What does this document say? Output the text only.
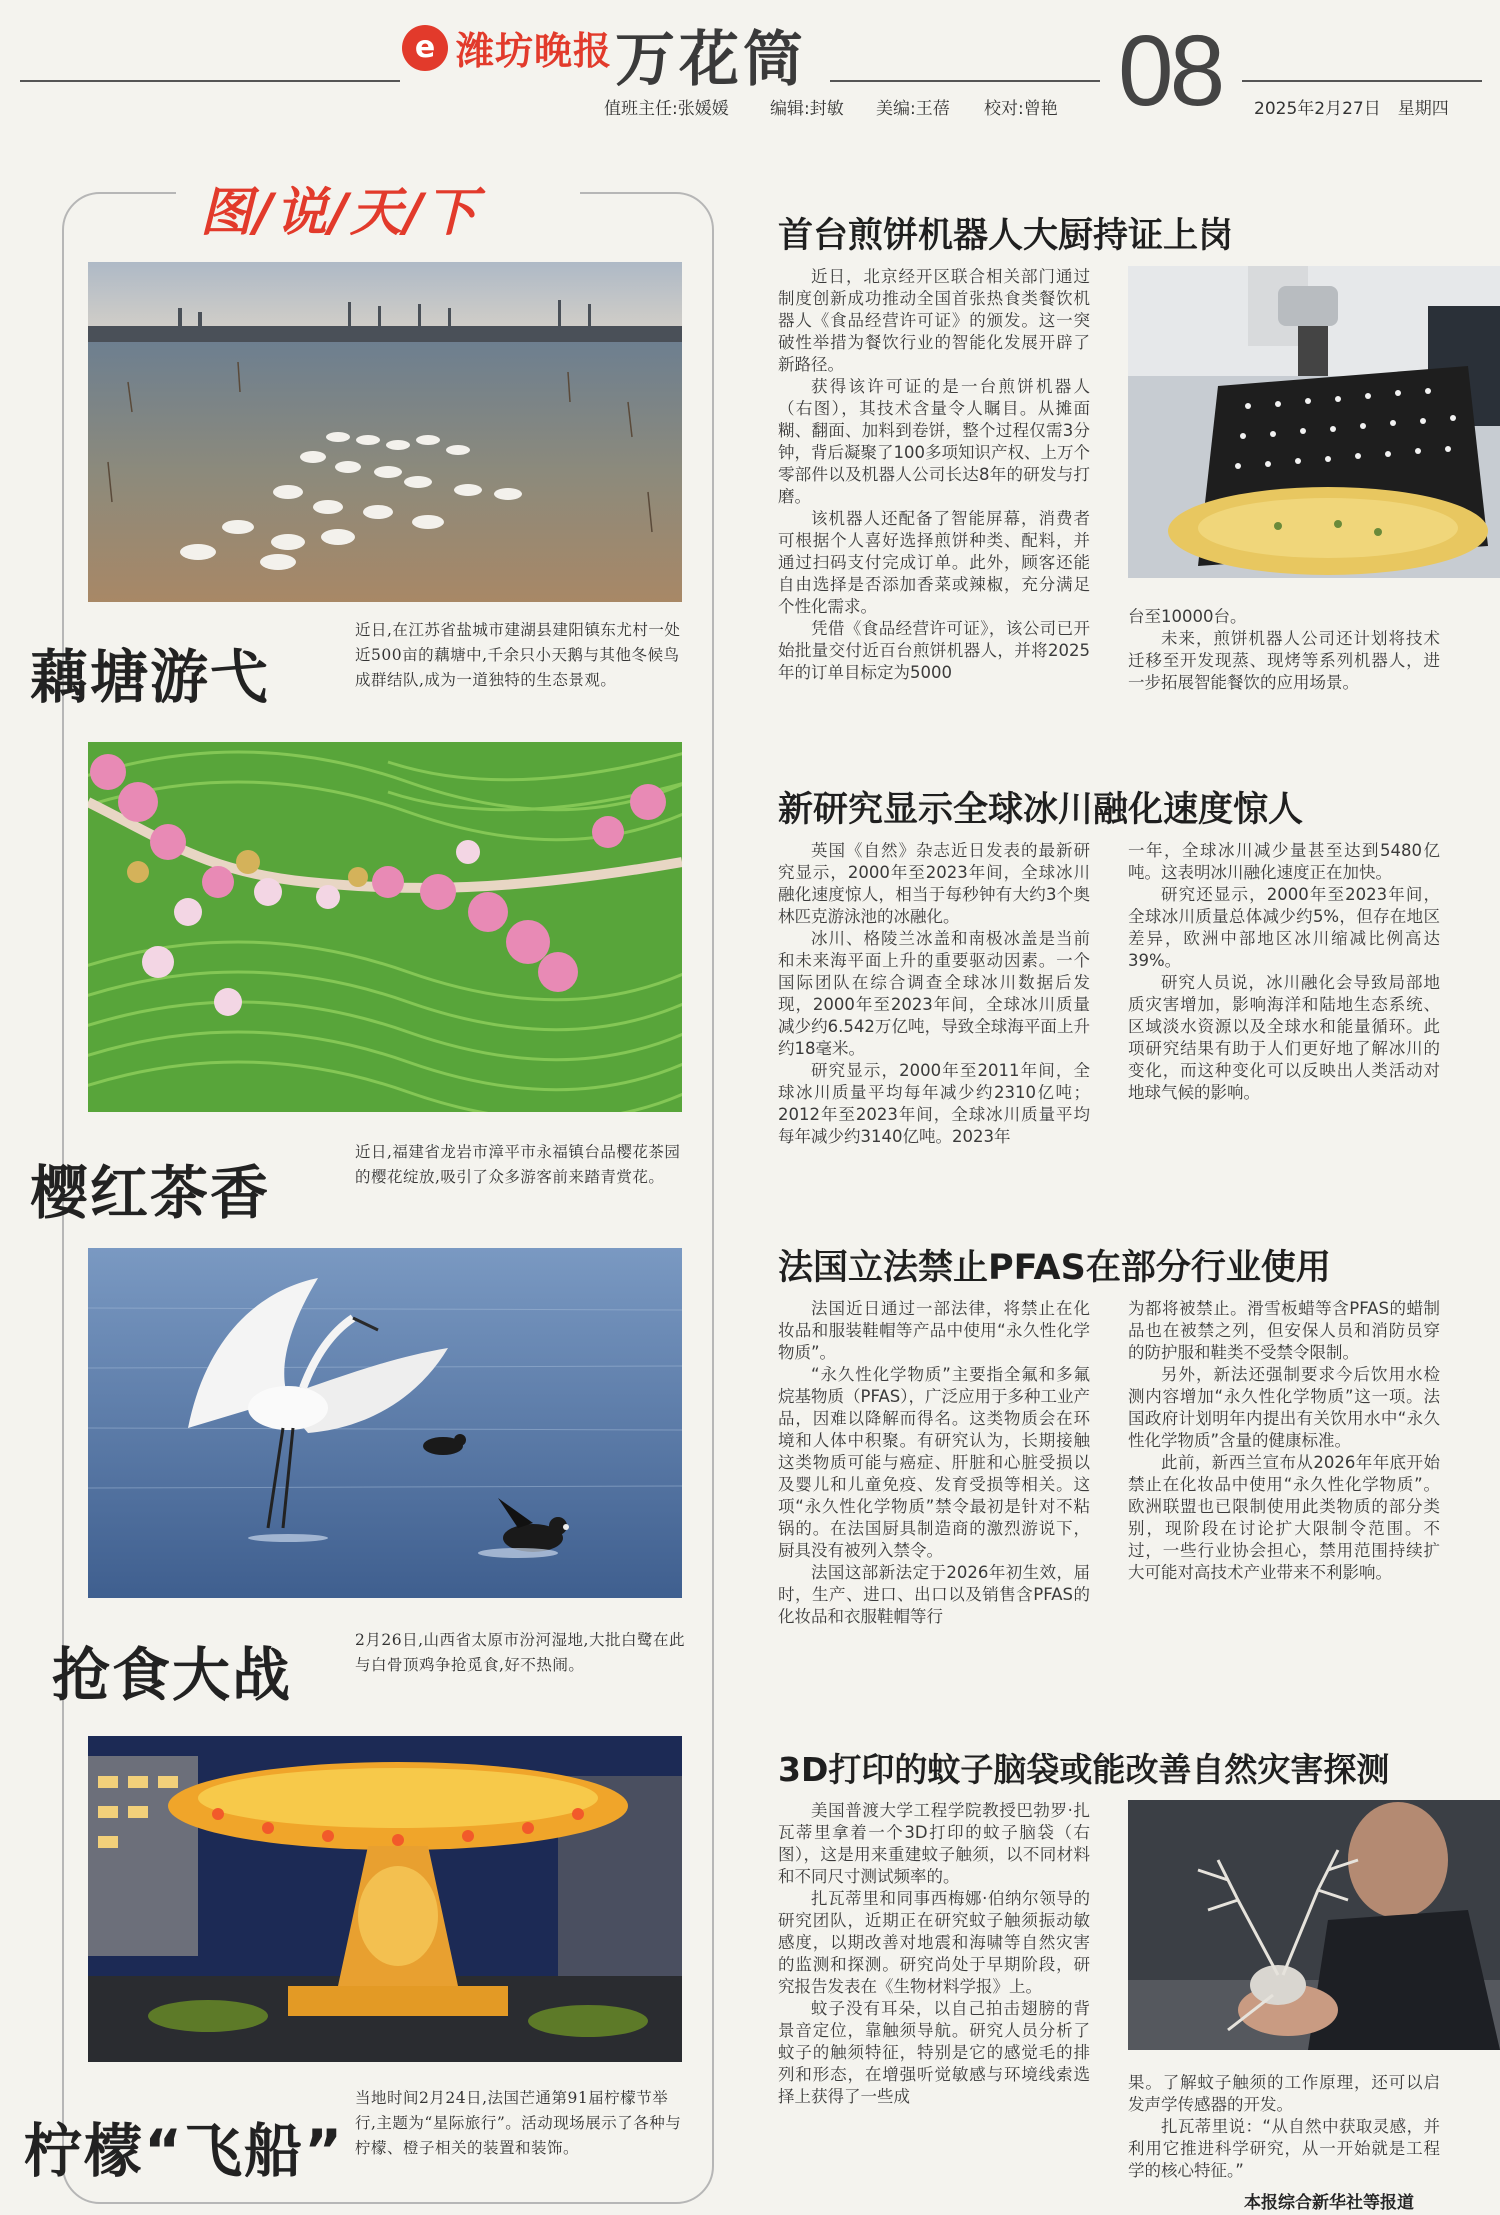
e 潍坊晚报 万花筒	08
值班主任:张媛媛 编辑:封敏 美编:王蓓 校对:曾艳	2025年2月27日　星期四
图/说/天/下
藕塘游弋
近日,在江苏省盐城市建湖县建阳镇东尤村一处近500亩的藕塘中,千余只小天鹅与其他冬候鸟成群结队,成为一道独特的生态景观。
樱红茶香
近日,福建省龙岩市漳平市永福镇台品樱花茶园的樱花绽放,吸引了众多游客前来踏青赏花。
抢食大战
2月26日,山西省太原市汾河湿地,大批白鹭在此与白骨顶鸡争抢觅食,好不热闹。
柠檬“飞船”
当地时间2月24日,法国芒通第91届柠檬节举行,主题为“星际旅行”。活动现场展示了各种与柠檬、橙子相关的装置和装饰。
首台煎饼机器人大厨持证上岗

近日，北京经开区联合相关部门通过制度创新成功推动全国首张热食类餐饮机器人《食品经营许可证》的颁发。这一突破性举措为餐饮行业的智能化发展开辟了新路径。

获得该许可证的是一台煎饼机器人（右图），其技术含量令人瞩目。从摊面糊、翻面、加料到卷饼，整个过程仅需3分钟，背后凝聚了100多项知识产权、上万个零部件以及机器人公司长达8年的研发与打磨。

该机器人还配备了智能屏幕，消费者可根据个人喜好选择煎饼种类、配料，并通过扫码支付完成订单。此外，顾客还能自由选择是否添加香菜或辣椒，充分满足个性化需求。

凭借《食品经营许可证》，该公司已开始批量交付近百台煎饼机器人，并将2025年的订单目标定为5000

台至10000台。

未来，煎饼机器人公司还计划将技术迁移至开发现蒸、现烤等系列机器人，进一步拓展智能餐饮的应用场景。

新研究显示全球冰川融化速度惊人

英国《自然》杂志近日发表的最新研究显示，2000年至2023年间，全球冰川融化速度惊人，相当于每秒钟有大约3个奥林匹克游泳池的冰融化。

冰川、格陵兰冰盖和南极冰盖是当前和未来海平面上升的重要驱动因素。一个国际团队在综合调查全球冰川数据后发现，2000年至2023年间，全球冰川质量减少约6.542万亿吨，导致全球海平面上升约18毫米。

研究显示，2000年至2011年间，全球冰川质量平均每年减少约2310亿吨；2012年至2023年间，全球冰川质量平均每年减少约3140亿吨。2023年

一年，全球冰川减少量甚至达到5480亿吨。这表明冰川融化速度正在加快。

研究还显示，2000年至2023年间，全球冰川质量总体减少约5%，但存在地区差异，欧洲中部地区冰川缩减比例高达39%。

研究人员说，冰川融化会导致局部地质灾害增加，影响海洋和陆地生态系统、区域淡水资源以及全球水和能量循环。此项研究结果有助于人们更好地了解冰川的变化，而这种变化可以反映出人类活动对地球气候的影响。

法国立法禁止PFAS在部分行业使用

法国近日通过一部法律，将禁止在化妆品和服装鞋帽等产品中使用“永久性化学物质”。

“永久性化学物质”主要指全氟和多氟烷基物质（PFAS），广泛应用于多种工业产品，因难以降解而得名。这类物质会在环境和人体中积聚。有研究认为，长期接触这类物质可能与癌症、肝脏和心脏受损以及婴儿和儿童免疫、发育受损等相关。这项“永久性化学物质”禁令最初是针对不粘锅的。在法国厨具制造商的激烈游说下，厨具没有被列入禁令。

法国这部新法定于2026年初生效，届时，生产、进口、出口以及销售含PFAS的化妆品和衣服鞋帽等行

为都将被禁止。滑雪板蜡等含PFAS的蜡制品也在被禁之列，但安保人员和消防员穿的防护服和鞋类不受禁令限制。

另外，新法还强制要求今后饮用水检测内容增加“永久性化学物质”这一项。法国政府计划明年内提出有关饮用水中“永久性化学物质”含量的健康标准。

此前，新西兰宣布从2026年年底开始禁止在化妆品中使用“永久性化学物质”。欧洲联盟也已限制使用此类物质的部分类别，现阶段在讨论扩大限制令范围。不过，一些行业协会担心，禁用范围持续扩大可能对高技术产业带来不利影响。

3D打印的蚊子脑袋或能改善自然灾害探测

美国普渡大学工程学院教授巴勃罗·扎瓦蒂里拿着一个3D打印的蚊子脑袋（右图），这是用来重建蚊子触须，以不同材料和不同尺寸测试频率的。

扎瓦蒂里和同事西梅娜·伯纳尔领导的研究团队，近期正在研究蚊子触须振动敏感度，以期改善对地震和海啸等自然灾害的监测和探测。研究尚处于早期阶段，研究报告发表在《生物材料学报》上。

蚊子没有耳朵，以自己拍击翅膀的背景音定位，靠触须导航。研究人员分析了蚊子的触须特征，特别是它的感觉毛的排列和形态，在增强听觉敏感与环境线索选择上获得了一些成

果。了解蚊子触须的工作原理，还可以启发声学传感器的开发。

扎瓦蒂里说：“从自然中获取灵感，并利用它推进科学研究，从一开始就是工程学的核心特征。”

本报综合新华社等报道
